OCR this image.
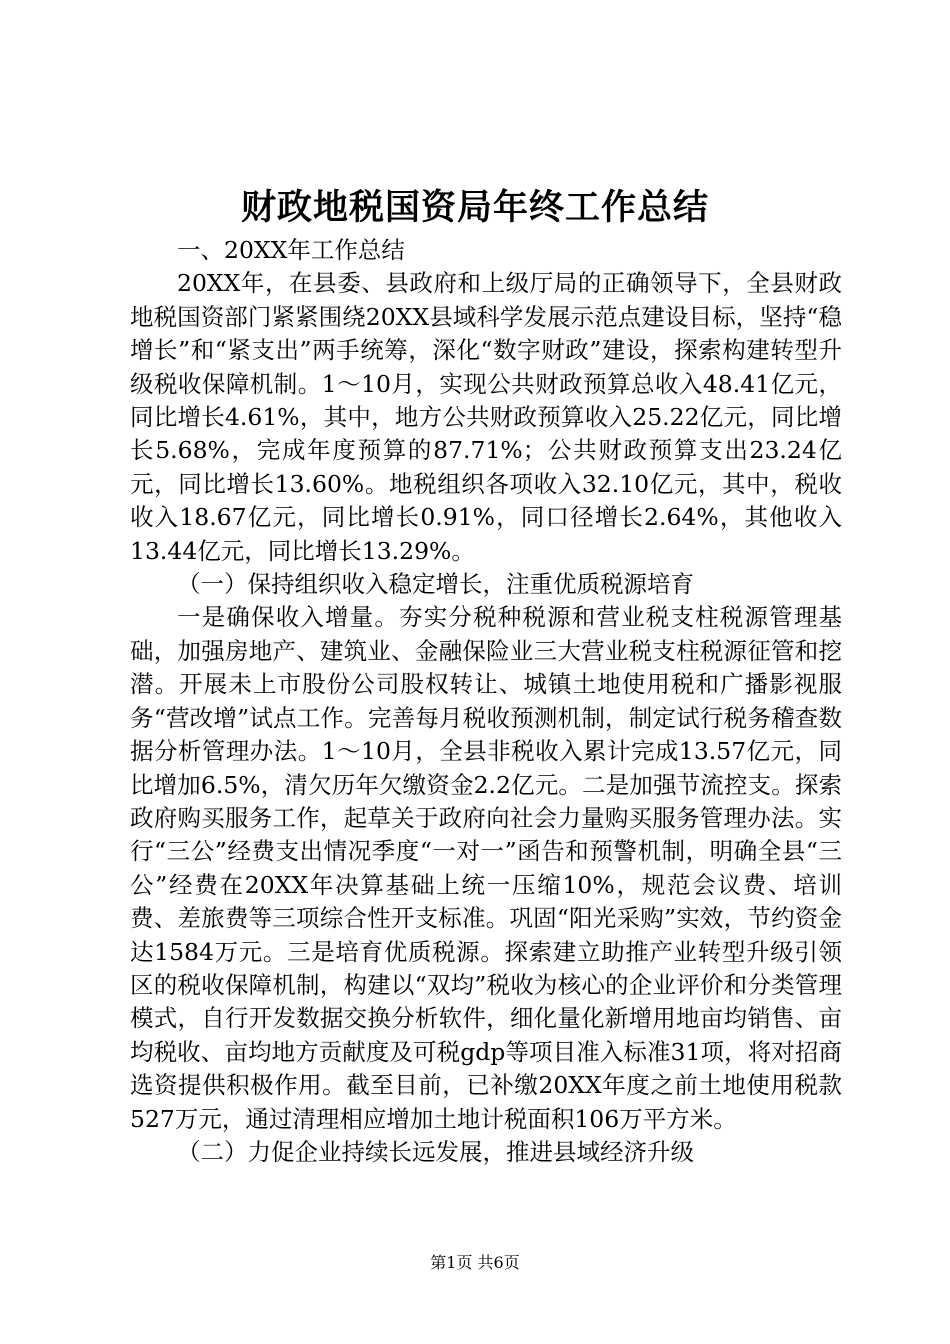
财政地税国资局年终工作总结

一、20XX年工作总结

20XX年，在县委、县政府和上级厅局的正确领导下，全县财政地税国资部门紧紧围绕20XX县域科学发展示范点建设目标，坚持“稳增长”和“紧支出”两手统筹，深化“数字财政”建设，探索构建转型升级税收保障机制。1～10月，实现公共财政预算总收入48.41亿元，同比增长4.61%，其中，地方公共财政预算收入25.22亿元，同比增长5.68%，完成年度预算的87.71%；公共财政预算支出23.24亿元，同比增长13.60%。地税组织各项收入32.10亿元，其中，税收收入18.67亿元，同比增长0.91%，同口径增长2.64%，其他收入13.44亿元，同比增长13.29%。

（一）保持组织收入稳定增长，注重优质税源培育

一是确保收入增量。夯实分税种税源和营业税支柱税源管理基础，加强房地产、建筑业、金融保险业三大营业税支柱税源征管和挖潜。开展未上市股份公司股权转让、城镇土地使用税和广播影视服务“营改增”试点工作。完善每月税收预测机制，制定试行税务稽查数据分析管理办法。1～10月，全县非税收入累计完成13.57亿元，同比增加6.5%，清欠历年欠缴资金2.2亿元。二是加强节流控支。探索政府购买服务工作，起草关于政府向社会力量购买服务管理办法。实行“三公”经费支出情况季度“一对一”函告和预警机制，明确全县“三公”经费在20XX年决算基础上统一压缩10%，规范会议费、培训费、差旅费等三项综合性开支标准。巩固“阳光采购”实效，节约资金达1584万元。三是培育优质税源。探索建立助推产业转型升级引领区的税收保障机制，构建以“双均”税收为核心的企业评价和分类管理模式，自行开发数据交换分析软件，细化量化新增用地亩均销售、亩均税收、亩均地方贡献度及可税gdp等项目准入标准31项，将对招商选资提供积极作用。截至目前，已补缴20XX年度之前土地使用税款527万元，通过清理相应增加土地计税面积106万平方米。

（二）力促企业持续长远发展，推进县域经济升级

第1页 共6页
